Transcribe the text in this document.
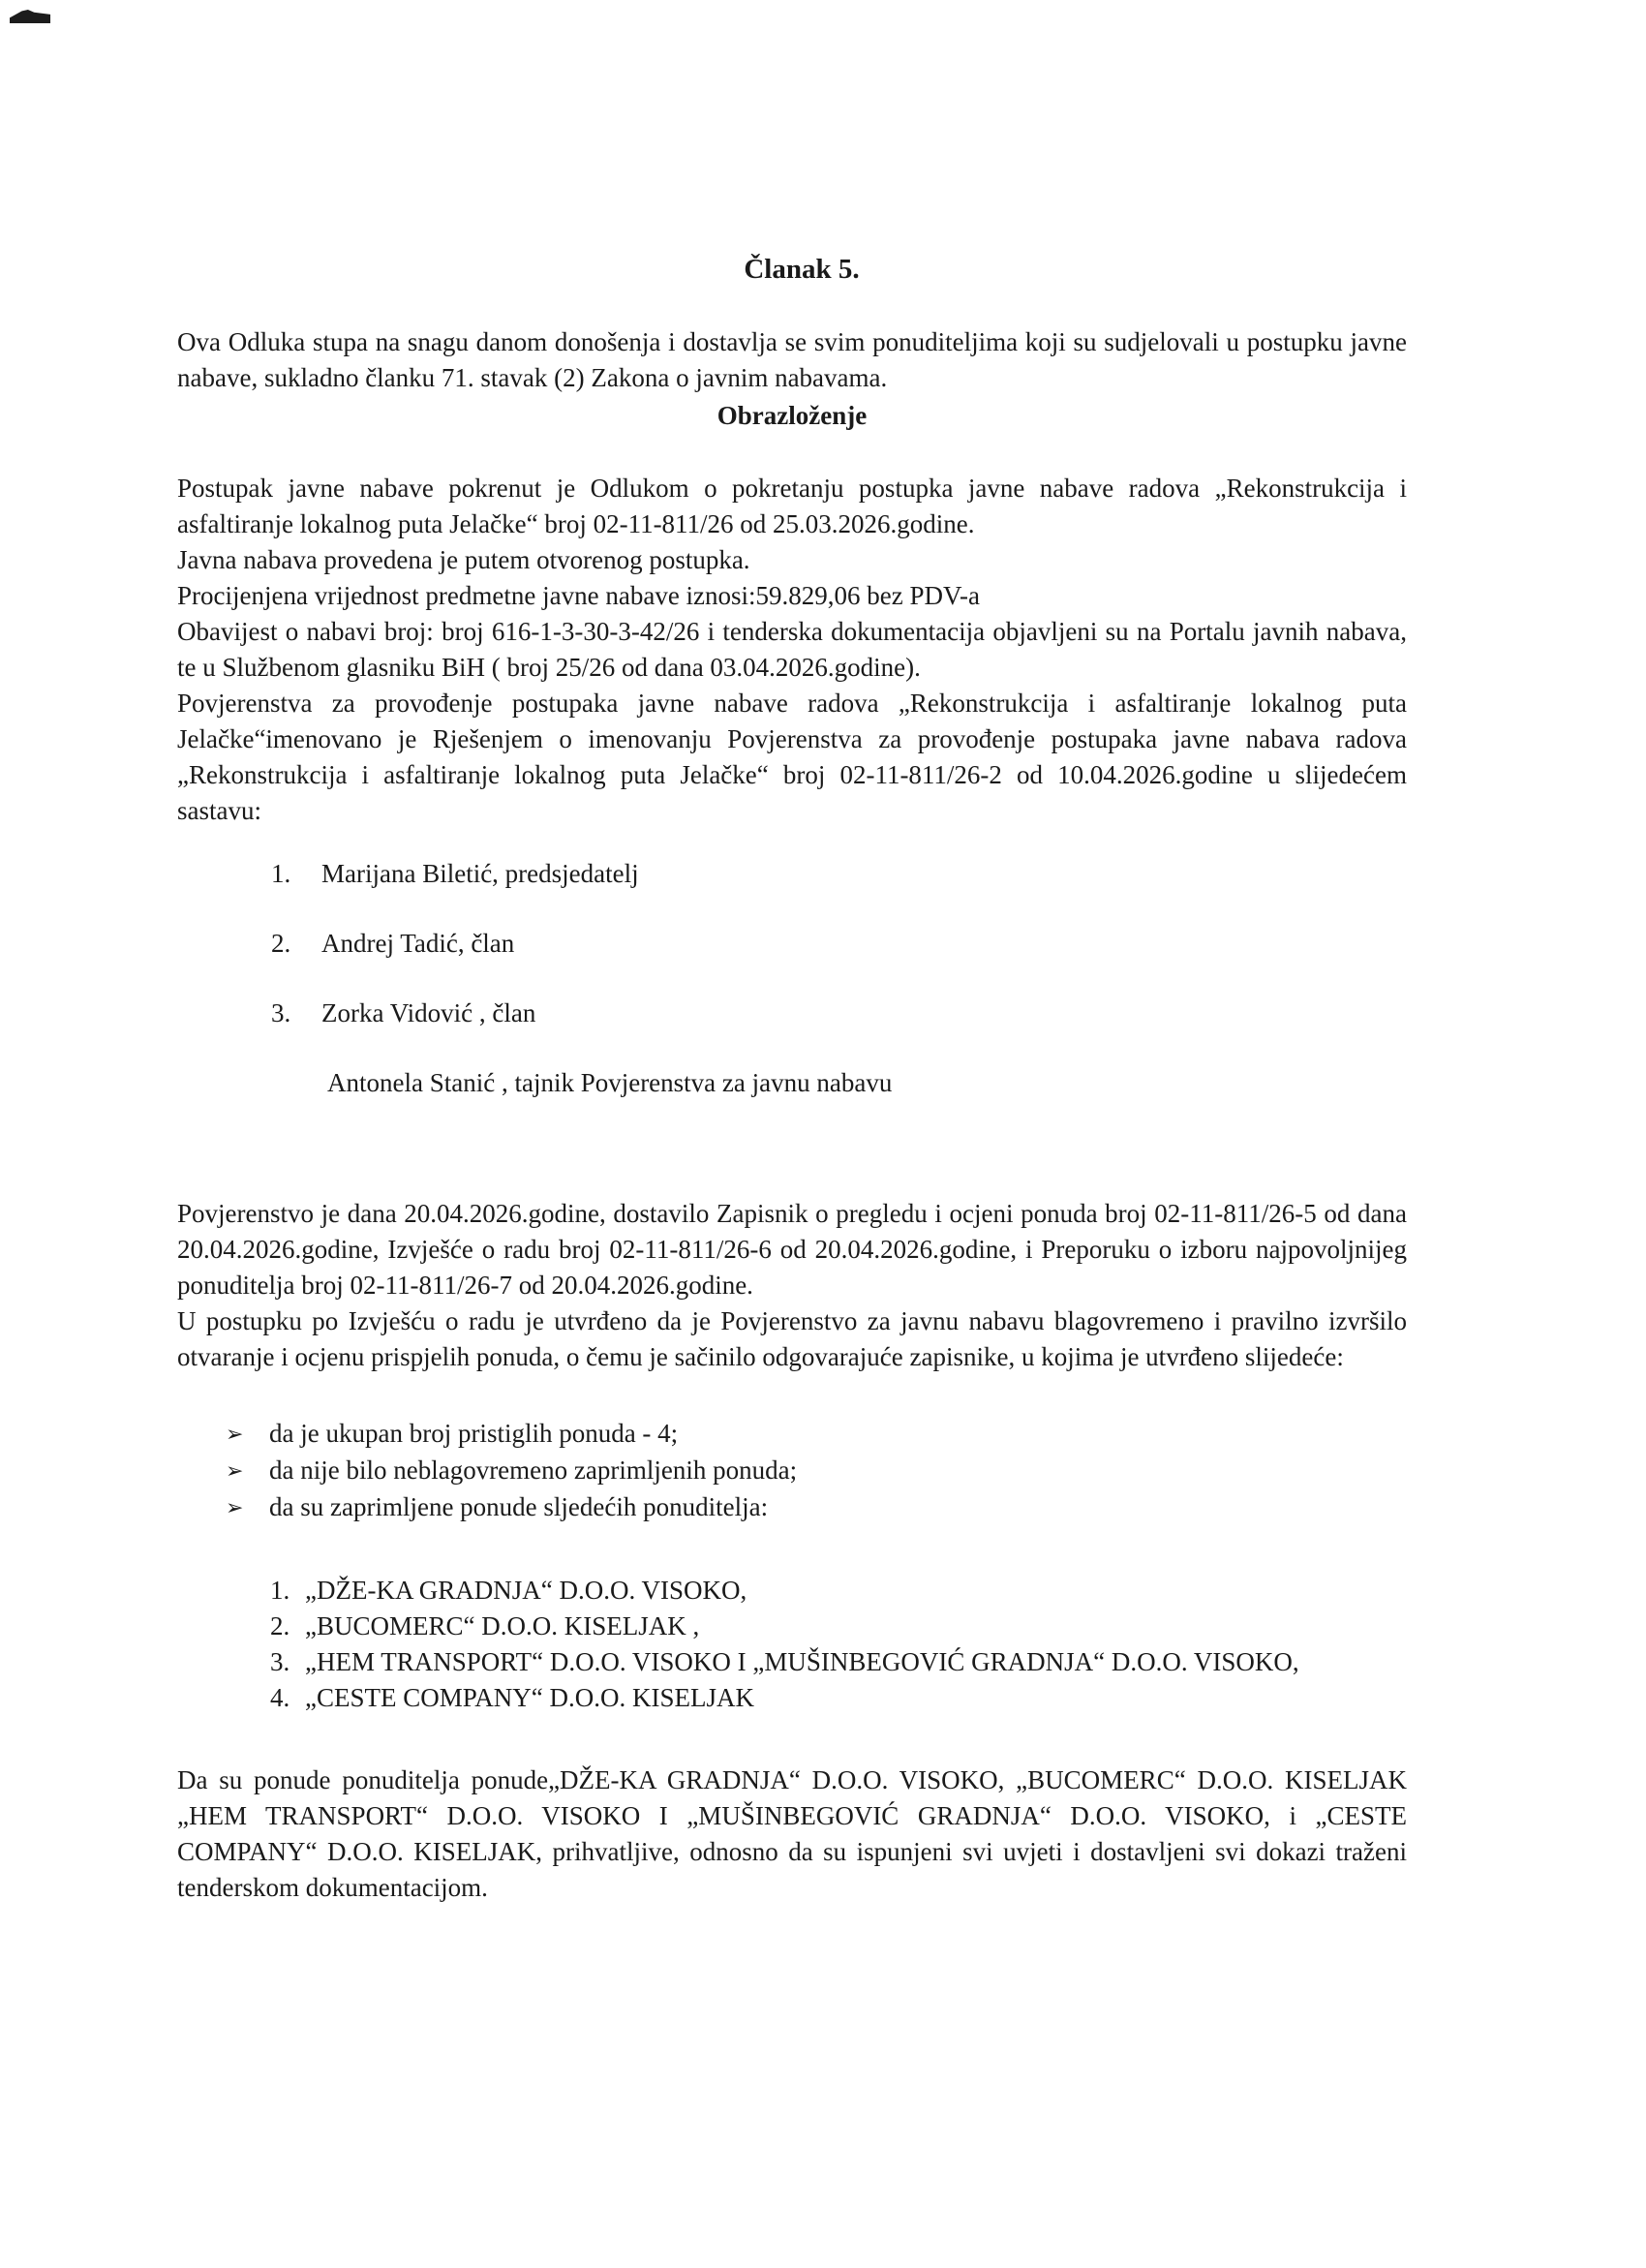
Članak 5.

Ova Odluka stupa na snagu danom donošenja i dostavlja se svim ponuditeljima koji su sudjelovali u postupku javne nabave, sukladno članku 71. stavak (2) Zakona o javnim nabavama.

Obrazloženje

Postupak javne nabave pokrenut je Odlukom o pokretanju postupka javne nabave radova „Rekonstrukcija i asfaltiranje lokalnog puta Jelačke“ broj 02-11-811/26 od 25.03.2026.godine.

Javna nabava provedena je putem otvorenog postupka.

Procijenjena vrijednost predmetne javne nabave iznosi:59.829,06 bez PDV-a

Obavijest o nabavi broj: broj 616-1-3-30-3-42/26 i tenderska dokumentacija objavljeni su na Portalu javnih nabava, te u Službenom glasniku BiH ( broj 25/26 od dana 03.04.2026.godine).

Povjerenstva za provođenje postupaka javne nabave radova „Rekonstrukcija i asfaltiranje lokalnog puta Jelačke“imenovano je Rješenjem o imenovanju Povjerenstva za provođenje postupaka javne nabava radova „Rekonstrukcija i asfaltiranje lokalnog puta Jelačke“ broj 02-11-811/26-2 od 10.04.2026.godine u slijedećem sastavu:

1.	Marijana Biletić, predsjedatelj
2.	Andrej Tadić, član
3.	Zorka Vidović , član

Antonela Stanić , tajnik Povjerenstva za javnu nabavu

Povjerenstvo je dana 20.04.2026.godine, dostavilo Zapisnik o pregledu i ocjeni ponuda broj 02-11-811/26-5 od dana 20.04.2026.godine, Izvješće o radu broj 02-11-811/26-6 od 20.04.2026.godine, i Preporuku o izboru najpovoljnijeg ponuditelja broj 02-11-811/26-7 od 20.04.2026.godine.

U postupku po Izvješću o radu je utvrđeno da je Povjerenstvo za javnu nabavu blagovremeno i pravilno izvršilo otvaranje i ocjenu prispjelih ponuda, o čemu je sačinilo odgovarajuće zapisnike, u kojima je utvrđeno slijedeće:

➢ da je ukupan broj pristiglih ponuda - 4;
➢ da nije bilo neblagovremeno zaprimljenih ponuda;
➢ da su zaprimljene ponude sljedećih ponuditelja:
1. „DŽE-KA GRADNJA“ D.O.O. VISOKO,
2. „BUCOMERC“ D.O.O. KISELJAK ,
3. „HEM TRANSPORT“ D.O.O. VISOKO I „MUŠINBEGOVIĆ GRADNJA“ D.O.O. VISOKO,
4. „CESTE COMPANY“ D.O.O. KISELJAK

Da su ponude ponuditelja ponude„DŽE-KA GRADNJA“ D.O.O. VISOKO, „BUCOMERC“ D.O.O. KISELJAK „HEM TRANSPORT“ D.O.O. VISOKO I „MUŠINBEGOVIĆ GRADNJA“ D.O.O. VISOKO, i „CESTE COMPANY“ D.O.O. KISELJAK, prihvatljive, odnosno da su ispunjeni svi uvjeti i dostavljeni svi dokazi traženi tenderskom dokumentacijom.
